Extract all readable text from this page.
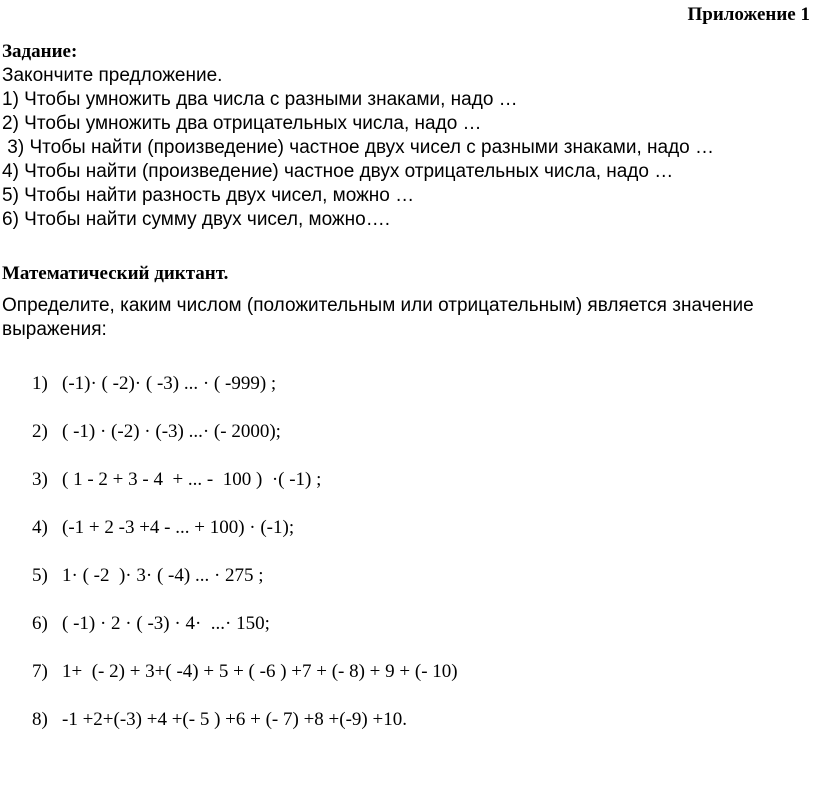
Приложение 1
Задание:
Закончите предложение.
1) Чтобы умножить два числа с разными знаками, надо …
2) Чтобы умножить два отрицательных числа, надо …
3) Чтобы найти (произведение) частное двух чисел с разными знаками, надо …
4) Чтобы найти (произведение) частное двух отрицательных числа, надо …
5) Чтобы найти разность двух чисел, можно …
6) Чтобы найти сумму двух чисел, можно….
Математический диктант.
Определите, каким числом (положительным или отрицательным) является значение выражения:
1) (-1)· ( -2)· ( -3) ... · ( -999) ;
2) ( -1) · (-2) · (-3) ...· (- 2000);
3) ( 1 - 2 + 3 - 4  + ... -  100 )  ·( -1) ;
4) (-1 + 2 -3 +4 - ... + 100) · (-1);
5) 1· ( -2  )· 3· ( -4) ... · 275 ;
6) ( -1) · 2 · ( -3) · 4·  ...· 150;
7) 1+  (- 2) + 3+( -4) + 5 + ( -6 ) +7 + (- 8) + 9 + (- 10)
8) -1 +2+(-3) +4 +(- 5 ) +6 + (- 7) +8 +(-9) +10.
